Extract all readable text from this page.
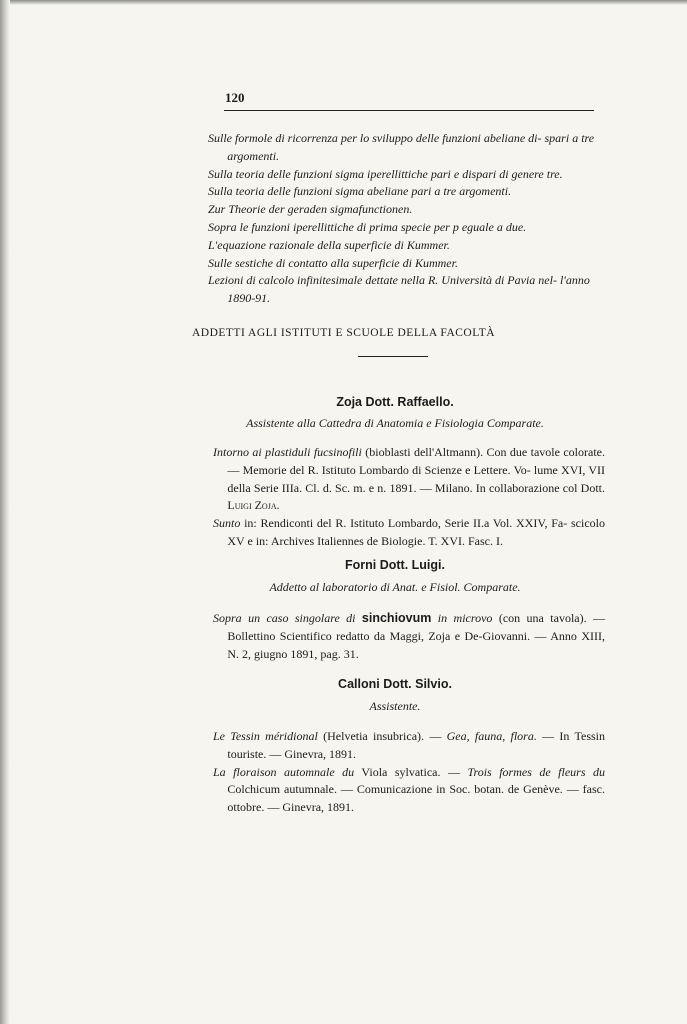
120
Sulle formole di ricorrenza per lo sviluppo delle funzioni abeliane di- spari a tre argomenti.
Sulla teoria delle funzioni sigma iperellittiche pari e dispari di genere tre.
Sulla teoria delle funzioni sigma abeliane pari a tre argomenti.
Zur Theorie der geraden sigmafunctionen.
Sopra le funzioni iperellittiche di prima specie per p eguale a due.
L'equazione razionale della superficie di Kummer.
Sulle sestiche di contatto alla superficie di Kummer.
Lezioni di calcolo infinitesimale dettate nella R. Università di Pavia nel- l'anno 1890-91.
ADDETTI AGLI ISTITUTI E SCUOLE DELLA FACOLTÀ
Zoja Dott. Raffaello.
Assistente alla Cattedra di Anatomia e Fisiologia Comparate.
Intorno ai plastiduli fucsinofili (bioblasti dell'Altmann). Con due tavole colorate. — Memorie del R. Istituto Lombardo di Scienze e Lettere. Vo- lume XVI, VII della Serie IIIa. Cl. d. Sc. m. e n. 1891. — Milano. In collaborazione col Dott. Luigi Zoja.
Sunto in: Rendiconti del R. Istituto Lombardo, Serie II.a Vol. XXIV, Fa- scicolo XV e in: Archives Italiennes de Biologie. T. XVI. Fasc. I.
Forni Dott. Luigi.
Addetto al laboratorio di Anat. e Fisiol. Comparate.
Sopra un caso singolare di sinchiovum in microvo (con una tavola). — Bollettino Scientifico redatto da Maggi, Zoja e De-Giovanni. — Anno XIII, N. 2, giugno 1891, pag. 31.
Calloni Dott. Silvio.
Assistente.
Le Tessin méridional (Helvetia insubrica). — Gea, fauna, flora. — In Tessin touriste. — Ginevra, 1891.
La floraison automnale du Viola sylvatica. — Trois formes de fleurs du Colchicum autumnale. — Comunicazione in Soc. botan. de Genève. — fasc. ottobre. — Ginevra, 1891.
